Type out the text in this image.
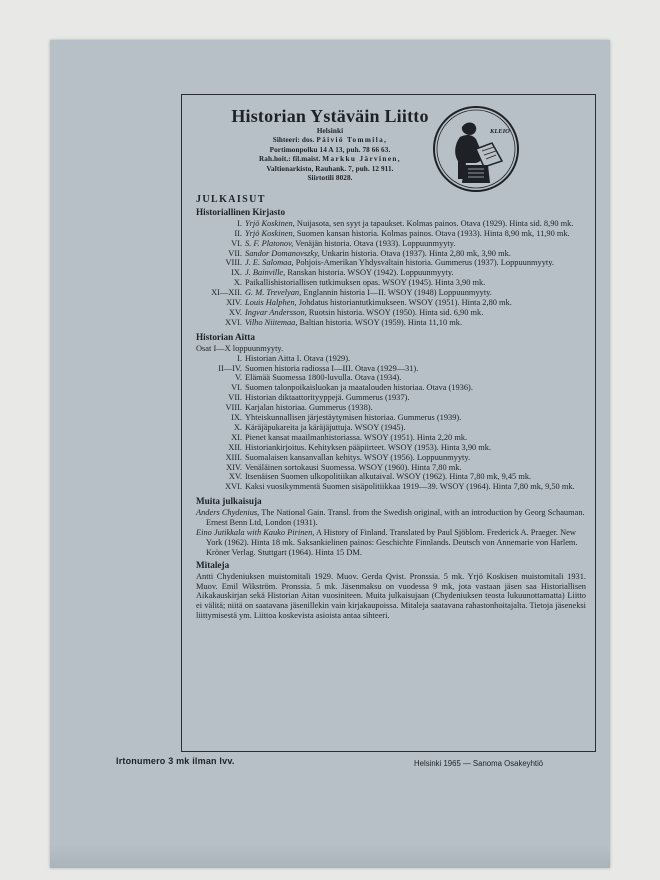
Historian Ystäväin Liitto
Helsinki
Sihteeri: dos. Päiviö Tommila,
Portimonpolku 14 A 13, puh. 78 66 63.
Rah.hoit.: fil.maist. Markku Järvinen,
Valtionarkisto, Rauhank. 7, puh. 12 911.
Siirtotili 8028.
KLEIO
JULKAISUT
Historiallinen Kirjasto
I. Yrjö Koskinen, Nuijasota, sen syyt ja tapaukset. Kolmas painos. Otava (1929). Hinta sid. 8,90 mk.
II. Yrjö Koskinen, Suomen kansan historia. Kolmas painos. Otava (1933). Hinta 8,90 mk, 11,90 mk.
VI. S. F. Platonov, Venäjän historia. Otava (1933). Loppuunmyyty.
VII. Sandor Domanovszky, Unkarin historia. Otava (1937). Hinta 2,80 mk, 3,90 mk.
VIII. J. E. Salomaa, Pohjois-Amerikan Yhdysvaltain historia. Gummerus (1937). Loppuunmyyty.
IX. J. Bainville, Ranskan historia. WSOY (1942). Loppuunmyyty.
X. Paikallishistoriallisen tutkimuksen opas. WSOY (1945). Hinta 3,90 mk.
XI—XII. G. M. Trevelyan, Englannin historia I—II. WSOY (1948) Loppuunmyyty.
XIV. Louis Halphen, Johdatus historiantutkimukseen. WSOY (1951). Hinta 2,80 mk.
XV. Ingvar Andersson, Ruotsin historia. WSOY (1950). Hinta sid. 6,90 mk.
XVI. Vilho Niitemaa, Baltian historia. WSOY (1959). Hinta 11,10 mk.
Historian Aitta
Osat I—X loppuunmyyty.
I. Historian Aitta I. Otava (1929).
II—IV. Suomen historia radiossa I—III. Otava (1929—31).
V. Elämää Suomessa 1800-luvulla. Otava (1934).
VI. Suomen talonpoikaisluokan ja maatalouden historiaa. Otava (1936).
VII. Historian diktaattorityyppejä. Gummerus (1937).
VIII. Karjalan historiaa. Gummerus (1938).
IX. Yhteiskunnallisen järjestäytymisen historiaa. Gummerus (1939).
X. Käräjäpukareita ja käräjäjuttuja. WSOY (1945).
XI. Pienet kansat maailmanhistoriassa. WSOY (1951). Hinta 2,20 mk.
XII. Historiankirjoitus. Kehityksen pääpiirteet. WSOY (1953). Hinta 3,90 mk.
XIII. Suomalaisen kansanvallan kehitys. WSOY (1956). Loppuunmyyty.
XIV. Venäläinen sortokausi Suomessa. WSOY (1960). Hinta 7,80 mk.
XV. Itsenäisen Suomen ulkopolitiikan alkutaival. WSOY (1962). Hinta 7,80 mk, 9,45 mk.
XVI. Kaksi vuosikymmentä Suomen sisäpolitiikkaa 1919—39. WSOY (1964). Hinta 7,80 mk, 9,50 mk.
Muita julkaisuja
Anders Chydenius, The National Gain. Transl. from the Swedish original, with an introduction by Georg Schauman. Ernest Benn Ltd, London (1931).
Eino Jutikkala with Kauko Pirinen, A History of Finland. Translated by Paul Sjöblom. Frederick A. Praeger. New York (1962). Hinta 18 mk. Saksankielinen painos: Geschichte Finnlands. Deutsch von Annemarie von Harlem. Kröner Verlag. Stuttgart (1964). Hinta 15 DM.
Mitaleja
Antti Chydeniuksen muistomitali 1929. Muov. Gerda Qvist. Pronssia. 5 mk. Yrjö Koskisen muistomitali 1931. Muov. Emil Wikström. Pronssia. 5 mk. Jäsenmaksu on vuodessa 9 mk, jota vastaan jäsen saa Historiallisen Aikakauskirjan sekä Historian Aitan vuosiniteen. Muita julkaisujaan (Chydeniuksen teosta lukuunottamatta) Liitto ei välitä; niitä on saatavana jäsenillekin vain kirjakaupoissa. Mitaleja saatavana rahastonhoitajalta. Tietoja jäseneksi liittymisestä ym. Liittoa koskevista asioista antaa sihteeri.
Irtonumero 3 mk ilman lvv.	Helsinki 1965 — Sanoma Osakeyhtiö
